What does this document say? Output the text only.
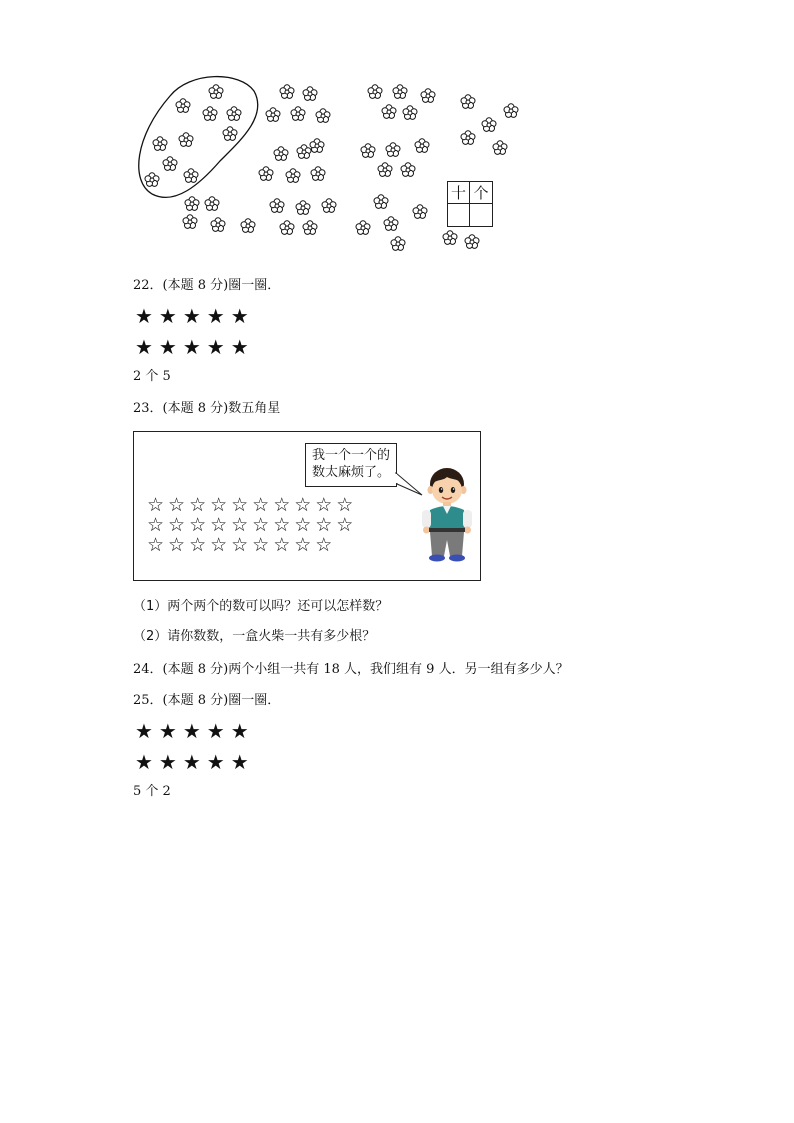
十 个
22．(本题 8 分)圈一圈．
★★★★★
★★★★★
2 个 5
23．(本题 8 分)数五角星
☆☆☆☆☆☆☆☆☆☆
☆☆☆☆☆☆☆☆☆☆
☆☆☆☆☆☆☆☆☆
我一个一个的
数太麻烦了。
（1）两个两个的数可以吗？还可以怎样数？
（2）请你数数，一盒火柴一共有多少根？
24．(本题 8 分)两个小组一共有 18 人，我们组有 9 人．另一组有多少人？
25．(本题 8 分)圈一圈．
★★★★★
★★★★★
5 个 2
